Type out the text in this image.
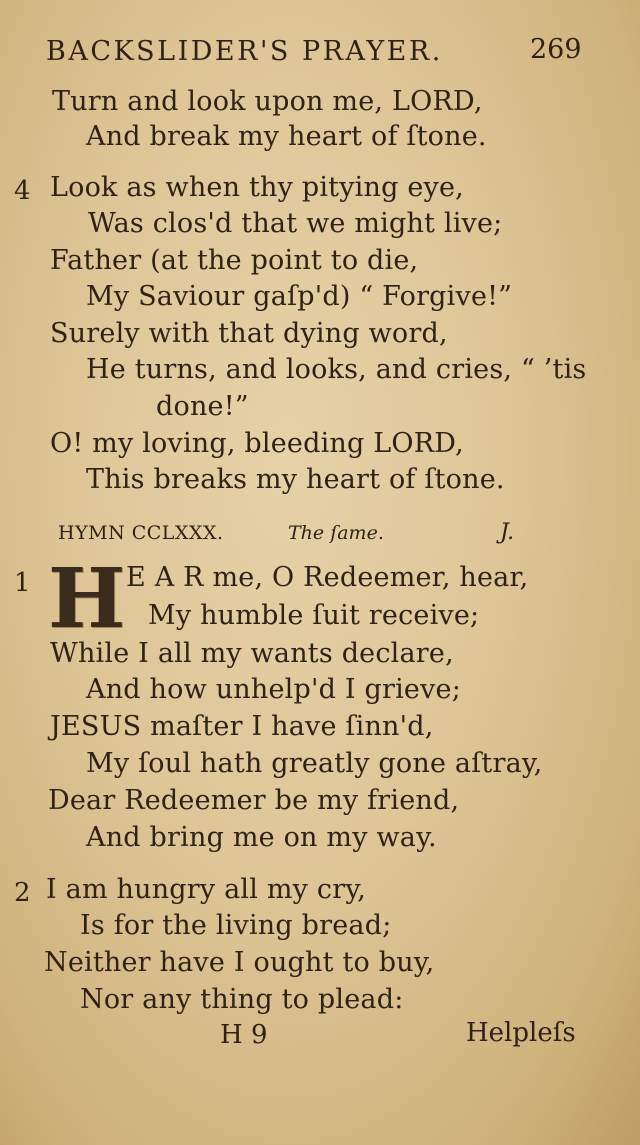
BACKSLIDER'S PRAYER.	269
Turn and look upon me, LORD,
And break my heart of ſtone.
4 Look as when thy pitying eye,
Was clos'd that we might live;
Father (at the point to die,
My Saviour gaſp'd) “ Forgive!”
Surely with that dying word,
He turns, and looks, and cries, “ ’tis
done!”
O! my loving, bleeding LORD,
This breaks my heart of ſtone.
HYMN CCLXXX.	The ſame.	J.
1 H E A R me, O Redeemer, hear,
My humble ſuit receive;
While I all my wants declare,
And how unhelp'd I grieve;
JESUS maſter I have ſinn'd,
My ſoul hath greatly gone aſtray,
Dear Redeemer be my friend,
And bring me on my way.
2 I am hungry all my cry,
Is for the living bread;
Neither have I ought to buy,
Nor any thing to plead:
H 9	Helpleſs
